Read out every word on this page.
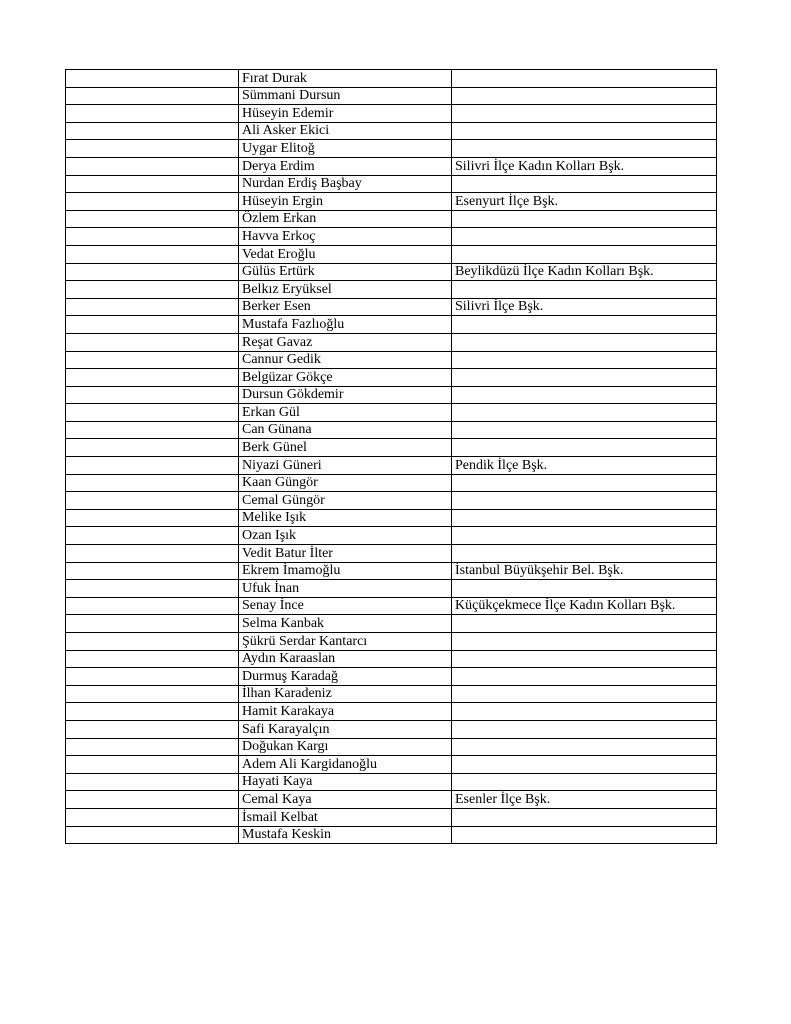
	Fırat Durak	
	Sümmani Dursun	
	Hüseyin Edemir	
	Ali Asker Ekici	
	Uygar Elitoğ	
	Derya Erdim	Silivri İlçe Kadın Kolları Bşk.
	Nurdan Erdiş Başbay	
	Hüseyin Ergin	Esenyurt İlçe Bşk.
	Özlem Erkan	
	Havva Erkoç	
	Vedat Eroğlu	
	Gülüs Ertürk	Beylikdüzü İlçe Kadın Kolları Bşk.
	Belkız Eryüksel	
	Berker Esen	Silivri İlçe Bşk.
	Mustafa Fazlıoğlu	
	Reşat Gavaz	
	Cannur Gedik	
	Belgüzar Gökçe	
	Dursun Gökdemir	
	Erkan Gül	
	Can Günana	
	Berk Günel	
	Niyazi Güneri	Pendik İlçe Bşk.
	Kaan Güngör	
	Cemal Güngör	
	Melike Işık	
	Ozan Işık	
	Vedit Batur İlter	
	Ekrem İmamoğlu	İstanbul Büyükşehir Bel. Bşk.
	Ufuk İnan	
	Senay İnce	Küçükçekmece İlçe Kadın Kolları Bşk.
	Selma Kanbak	
	Şükrü Serdar Kantarcı	
	Aydın Karaaslan	
	Durmuş Karadağ	
	İlhan Karadeniz	
	Hamit Karakaya	
	Safi Karayalçın	
	Doğukan Kargı	
	Adem Ali Kargidanoğlu	
	Hayati Kaya	
	Cemal Kaya	Esenler İlçe Bşk.
	İsmail Kelbat	
	Mustafa Keskin	
